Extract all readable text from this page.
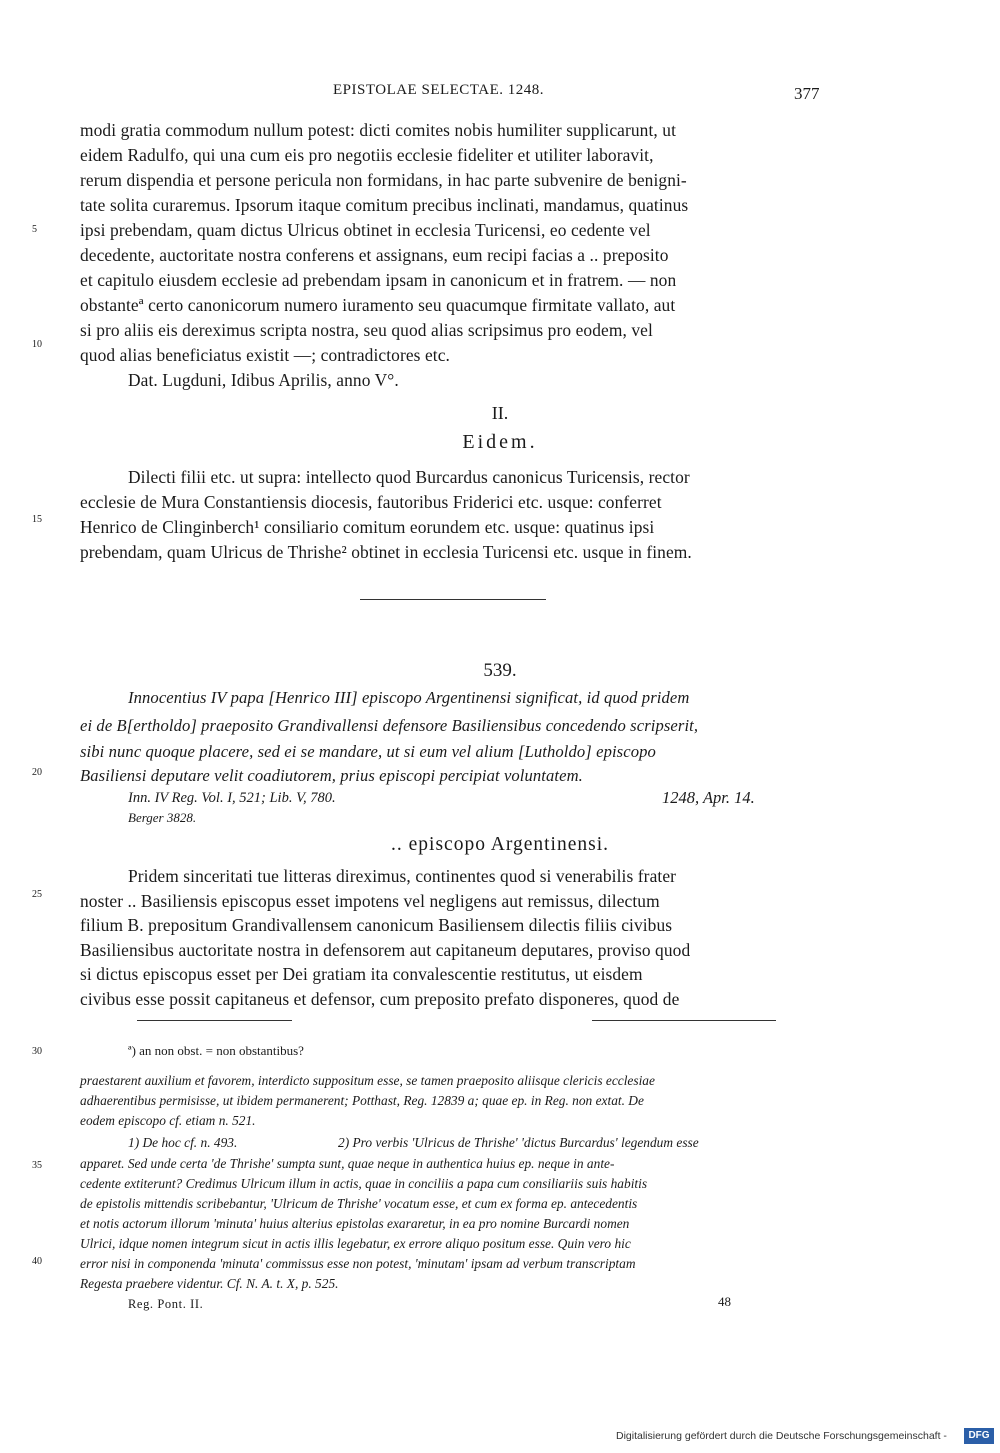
EPISTOLAE SELECTAE. 1248.	377
modi gratia commodum nullum potest: dicti comites nobis humiliter supplicarunt, ut
eidem Radulfo, qui una cum eis pro negotiis ecclesie fideliter et utiliter laboravit,
rerum dispendia et persone pericula non formidans, in hac parte subvenire de benigni-
tate solita curaremus. Ipsorum itaque comitum precibus inclinati, mandamus, quatinus
ipsi prebendam, quam dictus Ulricus obtinet in ecclesia Turicensi, eo cedente vel
decedente, auctoritate nostra conferens et assignans, eum recipi facias a .. preposito
et capitulo eiusdem ecclesie ad prebendam ipsam in canonicum et in fratrem. — non
obstanteª certo canonicorum numero iuramento seu quacumque firmitate vallato, aut
si pro aliis eis dereximus scripta nostra, seu quod alias scripsimus pro eodem, vel
quod alias beneficiatus existit —; contradictores etc.
Dat. Lugduni, Idibus Aprilis, anno V°.
II.
Eidem.
Dilecti filii etc. ut supra: intellecto quod Burcardus canonicus Turicensis, rector
ecclesie de Mura Constantiensis diocesis, fautoribus Friderici etc. usque: conferret
Henrico de Clinginberch¹ consiliario comitum eorundem etc. usque: quatinus ipsi
prebendam, quam Ulricus de Thrishe² obtinet in ecclesia Turicensi etc. usque in finem.
539.
Innocentius IV papa [Henrico III] episcopo Argentinensi significat, id quod pridem
ei de B[ertholdo] praeposito Grandivallensi defensore Basiliensibus concedendo scripserit,
sibi nunc quoque placere, sed ei se mandare, ut si eum vel alium [Lutholdo] episcopo
Basiliensi deputare velit coadiutorem, prius episcopi percipiat voluntatem.
Inn. IV Reg. Vol. I, 521; Lib. V, 780.	1248, Apr. 14.
Berger 3828.
.. episcopo Argentinensi.
Pridem sinceritati tue litteras direximus, continentes quod si venerabilis frater
noster .. Basiliensis episcopus esset impotens vel negligens aut remissus, dilectum
filium B. prepositum Grandivallensem canonicum Basiliensem dilectis filiis civibus
Basiliensibus auctoritate nostra in defensorem aut capitaneum deputares, proviso quod
si dictus episcopus esset per Dei gratiam ita convalescentie restitutus, ut eisdem
civibus esse possit capitaneus et defensor, cum preposito prefato disponeres, quod de
ª) an non obst. = non obstantibus?
praestarent auxilium et favorem, interdicto suppositum esse, se tamen praeposito aliisque clericis ecclesiae
adhaerentibus permisisse, ut ibidem permanerent; Potthast, Reg. 12839 a; quae ep. in Reg. non extat. De
eodem episcopo cf. etiam n. 521.
1) De hoc cf. n. 493.	2) Pro verbis 'Ulricus de Thrishe' 'dictus Burcardus' legendum esse
apparet. Sed unde certa 'de Thrishe' sumpta sunt, quae neque in authentica huius ep. neque in ante-
cedente extiterunt? Credimus Ulricum illum in actis, quae in conciliis a papa cum consiliariis suis habitis
de epistolis mittendis scribebantur, 'Ulricum de Thrishe' vocatum esse, et cum ex forma ep. antecedentis
et notis actorum illorum 'minuta' huius alterius epistolas exararetur, in ea pro nomine Burcardi nomen
Ulrici, idque nomen integrum sicut in actis illis legebatur, ex errore aliquo positum esse. Quin vero hic
error nisi in componenda 'minuta' commissus esse non potest, 'minutam' ipsam ad verbum transcriptam
Regesta praebere videntur. Cf. N. A. t. X, p. 525.
Reg. Pont. II.	48
5
10
15
20
25
30
35
40
Digitalisierung gefördert durch die Deutsche Forschungsgemeinschaft -	DFG
